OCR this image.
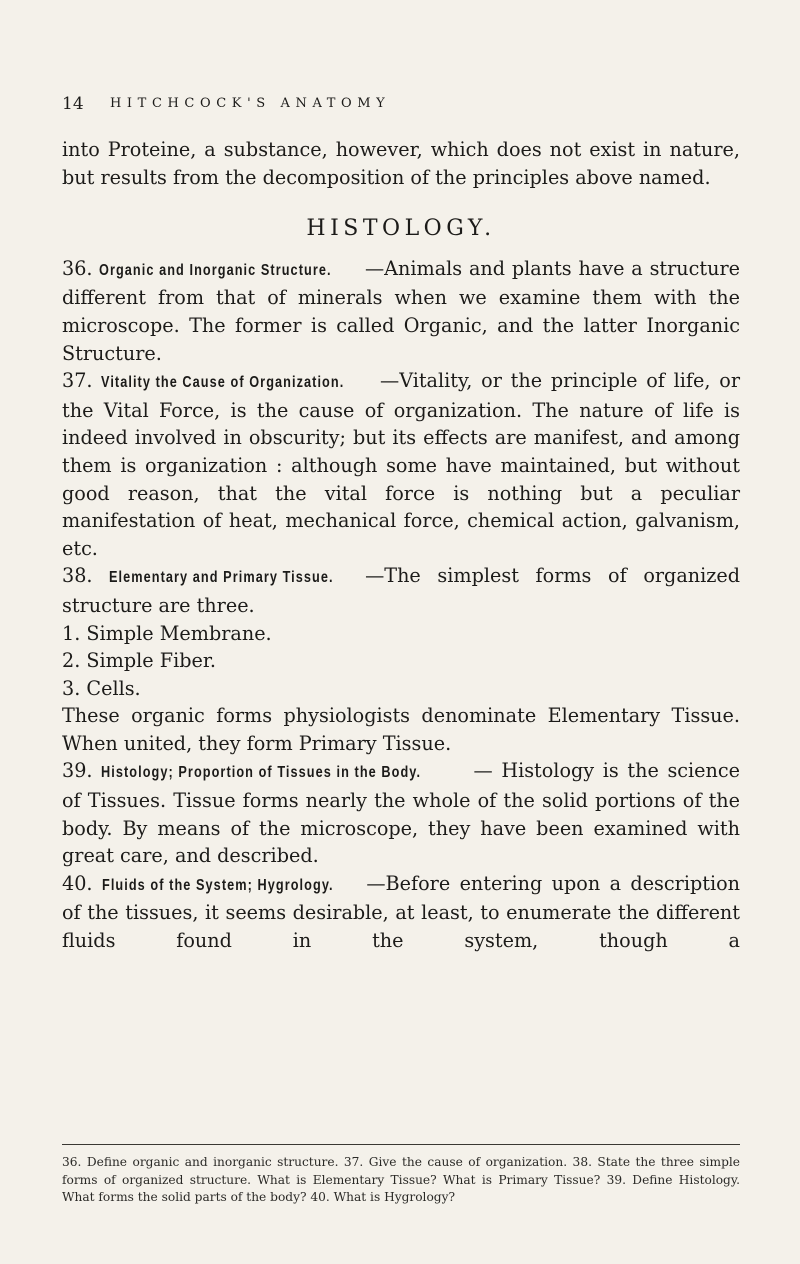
14 HITCHCOCK'S ANATOMY

into Proteine, a substance, however, which does not exist in nature, but results from the decomposition of the principles above named.

HISTOLOGY.

36. Organic and Inorganic Structure. —Animals and plants have a structure different from that of minerals when we examine them with the microscope. The former is called Organic, and the latter Inorganic Structure.

37. Vitality the Cause of Organization. —Vitality, or the principle of life, or the Vital Force, is the cause of organization. The nature of life is indeed involved in obscurity; but its effects are manifest, and among them is organization : although some have maintained, but without good reason, that the vital force is nothing but a peculiar manifestation of heat, mechanical force, chemical action, galvanism, etc.

38. Elementary and Primary Tissue. —The simplest forms of organized structure are three.

1. Simple Membrane.

2. Simple Fiber.

3. Cells.

These organic forms physiologists denominate Elementary Tissue. When united, they form Primary Tissue.

39. Histology; Proportion of Tissues in the Body.	— Histology is the science of Tissues. Tissue forms nearly the whole of the solid portions of the body. By means of the microscope, they have been examined with great care, and described.

40. Fluids of the System; Hygrology. —Before entering upon a description of the tissues, it seems desirable, at least, to enumerate the different fluids found in the system, though a

36. Define organic and inorganic structure. 37. Give the cause of organization. 38. State the three simple forms of organized structure. What is Elementary Tissue? What is Primary Tissue? 39. Define Histology. What forms the solid parts of the body? 40. What is Hygrology?
